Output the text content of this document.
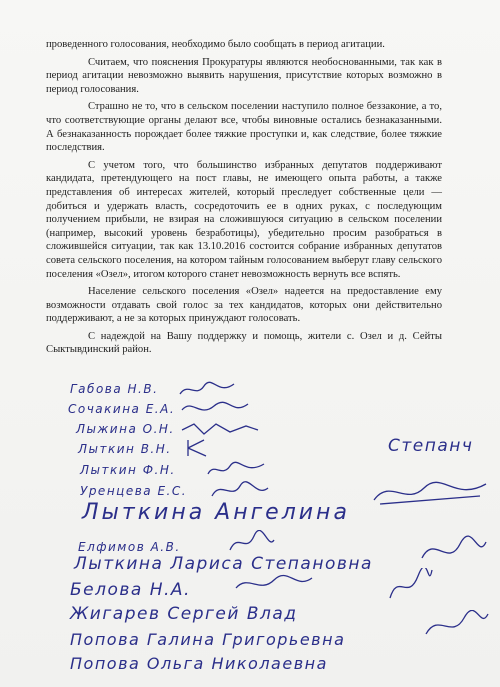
проведенного голосования, необходимо было сообщать в период агитации.

Считаем, что пояснения Прокуратуры являются необоснованными, так как в период агитации невозможно выявить нарушения, присутствие которых возможно в период голосования.

Страшно не то, что в сельском поселении наступило полное беззаконие, а то, что соответствующие органы делают все, чтобы виновные остались безнаказанными. А безнаказанность порождает более тяжкие проступки и, как следствие, более тяжкие последствия.

С учетом того, что большинство избранных депутатов поддерживают кандидата, претендующего на пост главы, не имеющего опыта работы, а также представления об интересах жителей, который преследует собственные цели — добиться и удержать власть, сосредоточить ее в одних руках, с последующим получением прибыли, не взирая на сложившуюся ситуацию в сельском поселении (например, высокий уровень безработицы), убедительно просим разобраться в сложившейся ситуации, так как 13.10.2016 состоится собрание избранных депутатов совета сельского поселения, на котором тайным голосованием выберут главу сельского поселения «Озел», итогом которого станет невозможность вернуть все вспять.

Население сельского поселения «Озел» надеется на предоставление ему возможности отдавать свой голос за тех кандидатов, которых они действительно поддерживают, а не за которых принуждают голосовать.

С надеждой на Вашу поддержку и помощь, жители с. Озел и д. Сейты Сыктывдинский район.

Габова Н.В.
Сочакина Е.А.
Лыжина О.Н.
Лыткин В.Н.
Лыткин Ф.Н.
Уренцева Е.С.
Степанч
Лыткина Ангелина
Елфимов А.В.
Лыткина Лариса Степановна
Белова Н.А.
Жигарев Сергей Влад
Попова Галина Григорьевна
Попова Ольга Николаевна
